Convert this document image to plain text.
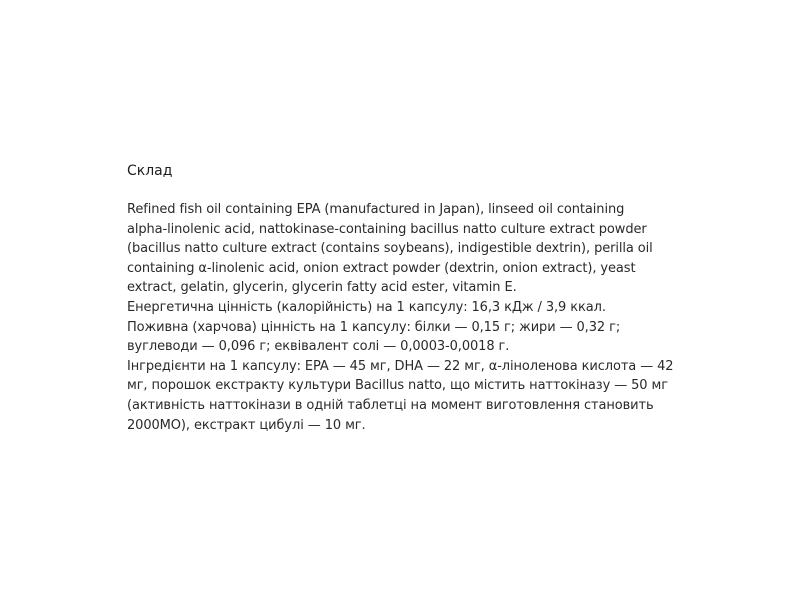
Склад

Refined fish oil containing EPA (manufactured in Japan), linseed oil containing

alpha-linolenic acid, nattokinase-containing bacillus natto culture extract powder

(bacillus natto culture extract (contains soybeans), indigestible dextrin), perilla oil

containing α-linolenic acid, onion extract powder (dextrin, onion extract), yeast

extract, gelatin, glycerin, glycerin fatty acid ester, vitamin E.

Енергетична цінність (калорійність) на 1 капсулу: 16,3 кДж / 3,9 ккал.

Поживна (харчова) цінність на 1 капсулу: білки — 0,15 г; жири — 0,32 г;

вуглеводи — 0,096 г; еквівалент солі — 0,0003-0,0018 г.

Інгредієнти на 1 капсулу: EPA — 45 мг, DHA — 22 мг, α-ліноленова кислота — 42

мг, порошок екстракту культури Bacillus natto, що містить наттокіназу — 50 мг

(активність наттокінази в одній таблетці на момент виготовлення становить

2000МО), екстракт цибулі — 10 мг.
